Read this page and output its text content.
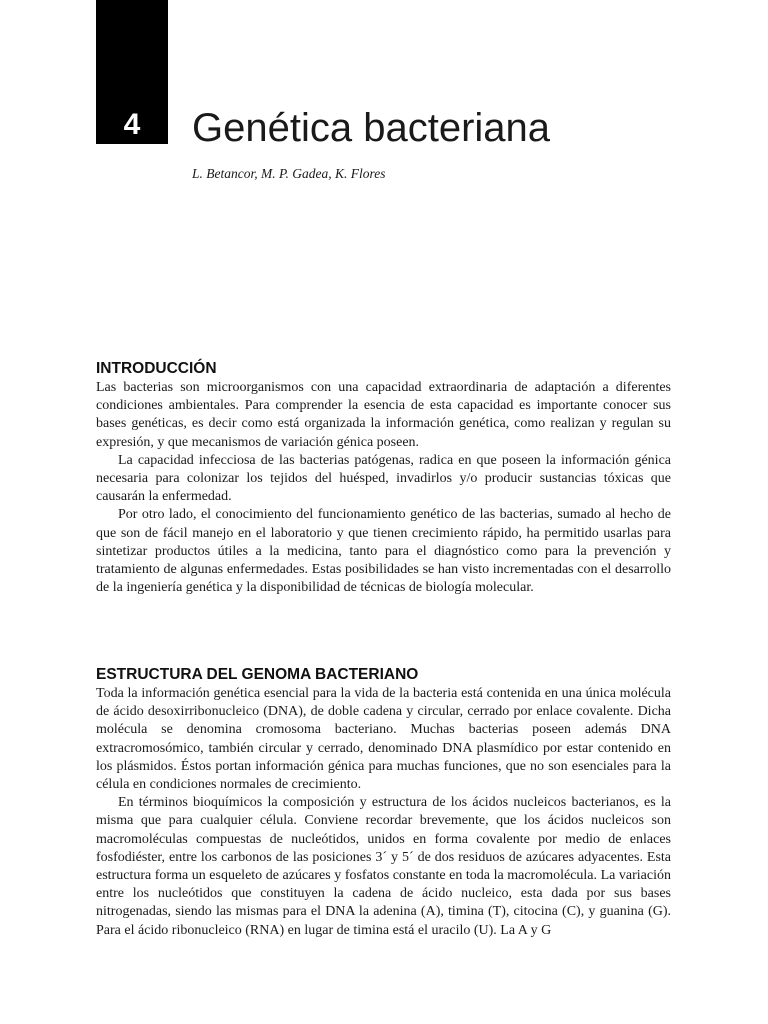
4	Genética bacteriana
L. Betancor, M. P. Gadea, K. Flores
INTRODUCCIÓN

Las bacterias son microorganismos con una capacidad extraordinaria de adaptación a diferentes condiciones ambientales. Para comprender la esencia de esta capacidad es importante conocer sus bases genéticas, es decir como está organizada la información genética, como realizan y regulan su expresión, y que mecanismos de variación génica poseen.

La capacidad infecciosa de las bacterias patógenas, radica en que poseen la información génica necesaria para colonizar los tejidos del huésped, invadirlos y/o producir sustancias tóxicas que causarán la enfermedad.

Por otro lado, el conocimiento del funcionamiento genético de las bacterias, sumado al hecho de que son de fácil manejo en el laboratorio y que tienen crecimiento rápido, ha permitido usarlas para sintetizar productos útiles a la medicina, tanto para el diagnóstico como para la prevención y tratamiento de algunas enfermedades. Estas posibilidades se han visto incrementadas con el desarrollo de la ingeniería genética y la disponibilidad de técnicas de biología molecular.

ESTRUCTURA DEL GENOMA BACTERIANO

Toda la información genética esencial para la vida de la bacteria está contenida en una única molécula de ácido desoxirribonucleico (DNA), de doble cadena y circular, cerrado por enlace covalente. Dicha molécula se denomina cromosoma bacteriano. Muchas bacterias poseen además DNA extracromosómico, también circular y cerrado, denominado DNA plasmídico por estar contenido en los plásmidos. Éstos portan información génica para muchas funciones, que no son esenciales para la célula en condiciones normales de crecimiento.

En términos bioquímicos la composición y estructura de los ácidos nucleicos bacterianos, es la misma que para cualquier célula. Conviene recordar brevemente, que los ácidos nucleicos son macromoléculas compuestas de nucleótidos, unidos en forma covalente por medio de enlaces fosfodiéster, entre los carbonos de las posiciones 3´ y 5´ de dos residuos de azúcares adyacentes. Esta estructura forma un esqueleto de azúcares y fosfatos constante en toda la macromolécula. La variación entre los nucleótidos que constituyen la cadena de ácido nucleico, esta dada por sus bases nitrogenadas, siendo las mismas para el DNA la adenina (A), timina (T), citocina (C), y guanina (G). Para el ácido ribonucleico (RNA) en lugar de timina está el uracilo (U). La A y G
